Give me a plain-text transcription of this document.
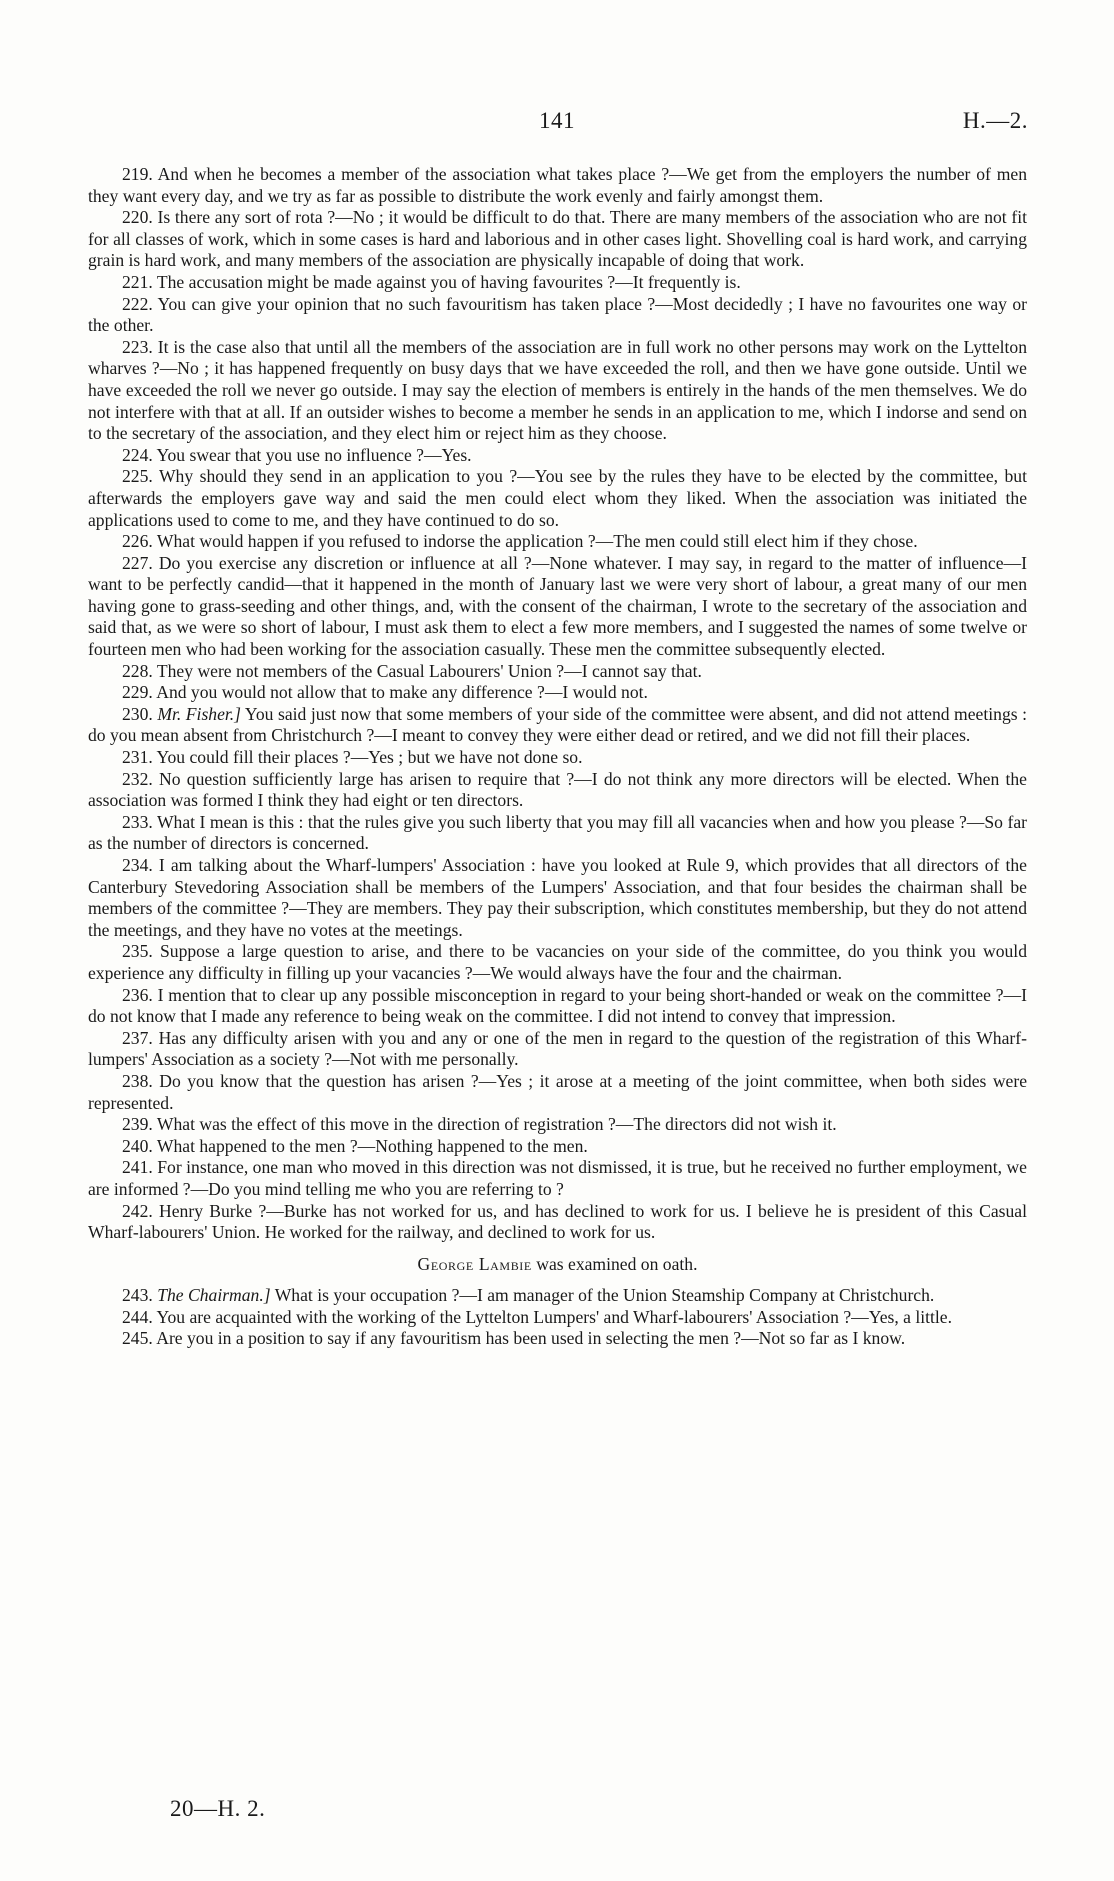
141	H.—2.

219. And when he becomes a member of the association what takes place ?—We get from the employers the number of men they want every day, and we try as far as possible to distribute the work evenly and fairly amongst them.

220. Is there any sort of rota ?—No ; it would be difficult to do that. There are many members of the association who are not fit for all classes of work, which in some cases is hard and laborious and in other cases light. Shovelling coal is hard work, and carrying grain is hard work, and many members of the association are physically incapable of doing that work.

221. The accusation might be made against you of having favourites ?—It frequently is.

222. You can give your opinion that no such favouritism has taken place ?—Most decidedly ; I have no favourites one way or the other.

223. It is the case also that until all the members of the association are in full work no other persons may work on the Lyttelton wharves ?—No ; it has happened frequently on busy days that we have exceeded the roll, and then we have gone outside. Until we have exceeded the roll we never go outside. I may say the election of members is entirely in the hands of the men themselves. We do not interfere with that at all. If an outsider wishes to become a member he sends in an application to me, which I indorse and send on to the secretary of the association, and they elect him or reject him as they choose.

224. You swear that you use no influence ?—Yes.

225. Why should they send in an application to you ?—You see by the rules they have to be elected by the committee, but afterwards the employers gave way and said the men could elect whom they liked. When the association was initiated the applications used to come to me, and they have continued to do so.

226. What would happen if you refused to indorse the application ?—The men could still elect him if they chose.

227. Do you exercise any discretion or influence at all ?—None whatever. I may say, in regard to the matter of influence—I want to be perfectly candid—that it happened in the month of January last we were very short of labour, a great many of our men having gone to grass-seeding and other things, and, with the consent of the chairman, I wrote to the secretary of the association and said that, as we were so short of labour, I must ask them to elect a few more members, and I suggested the names of some twelve or fourteen men who had been working for the association casually. These men the committee subsequently elected.

228. They were not members of the Casual Labourers' Union ?—I cannot say that.

229. And you would not allow that to make any difference ?—I would not.

230. Mr. Fisher.] You said just now that some members of your side of the committee were absent, and did not attend meetings : do you mean absent from Christchurch ?—I meant to convey they were either dead or retired, and we did not fill their places.

231. You could fill their places ?—Yes ; but we have not done so.

232. No question sufficiently large has arisen to require that ?—I do not think any more directors will be elected. When the association was formed I think they had eight or ten directors.

233. What I mean is this : that the rules give you such liberty that you may fill all vacancies when and how you please ?—So far as the number of directors is concerned.

234. I am talking about the Wharf-lumpers' Association : have you looked at Rule 9, which provides that all directors of the Canterbury Stevedoring Association shall be members of the Lumpers' Association, and that four besides the chairman shall be members of the committee ?—They are members. They pay their subscription, which constitutes membership, but they do not attend the meetings, and they have no votes at the meetings.

235. Suppose a large question to arise, and there to be vacancies on your side of the committee, do you think you would experience any difficulty in filling up your vacancies ?—We would always have the four and the chairman.

236. I mention that to clear up any possible misconception in regard to your being short-handed or weak on the committee ?—I do not know that I made any reference to being weak on the committee. I did not intend to convey that impression.

237. Has any difficulty arisen with you and any or one of the men in regard to the question of the registration of this Wharf-lumpers' Association as a society ?—Not with me personally.

238. Do you know that the question has arisen ?—Yes ; it arose at a meeting of the joint committee, when both sides were represented.

239. What was the effect of this move in the direction of registration ?—The directors did not wish it.

240. What happened to the men ?—Nothing happened to the men.

241. For instance, one man who moved in this direction was not dismissed, it is true, but he received no further employment, we are informed ?—Do you mind telling me who you are referring to ?

242. Henry Burke ?—Burke has not worked for us, and has declined to work for us. I believe he is president of this Casual Wharf-labourers' Union. He worked for the railway, and declined to work for us.

George Lambie was examined on oath.

243. The Chairman.] What is your occupation ?—I am manager of the Union Steamship Company at Christchurch.

244. You are acquainted with the working of the Lyttelton Lumpers' and Wharf-labourers' Association ?—Yes, a little.

245. Are you in a position to say if any favouritism has been used in selecting the men ?—Not so far as I know.

20—H. 2.
